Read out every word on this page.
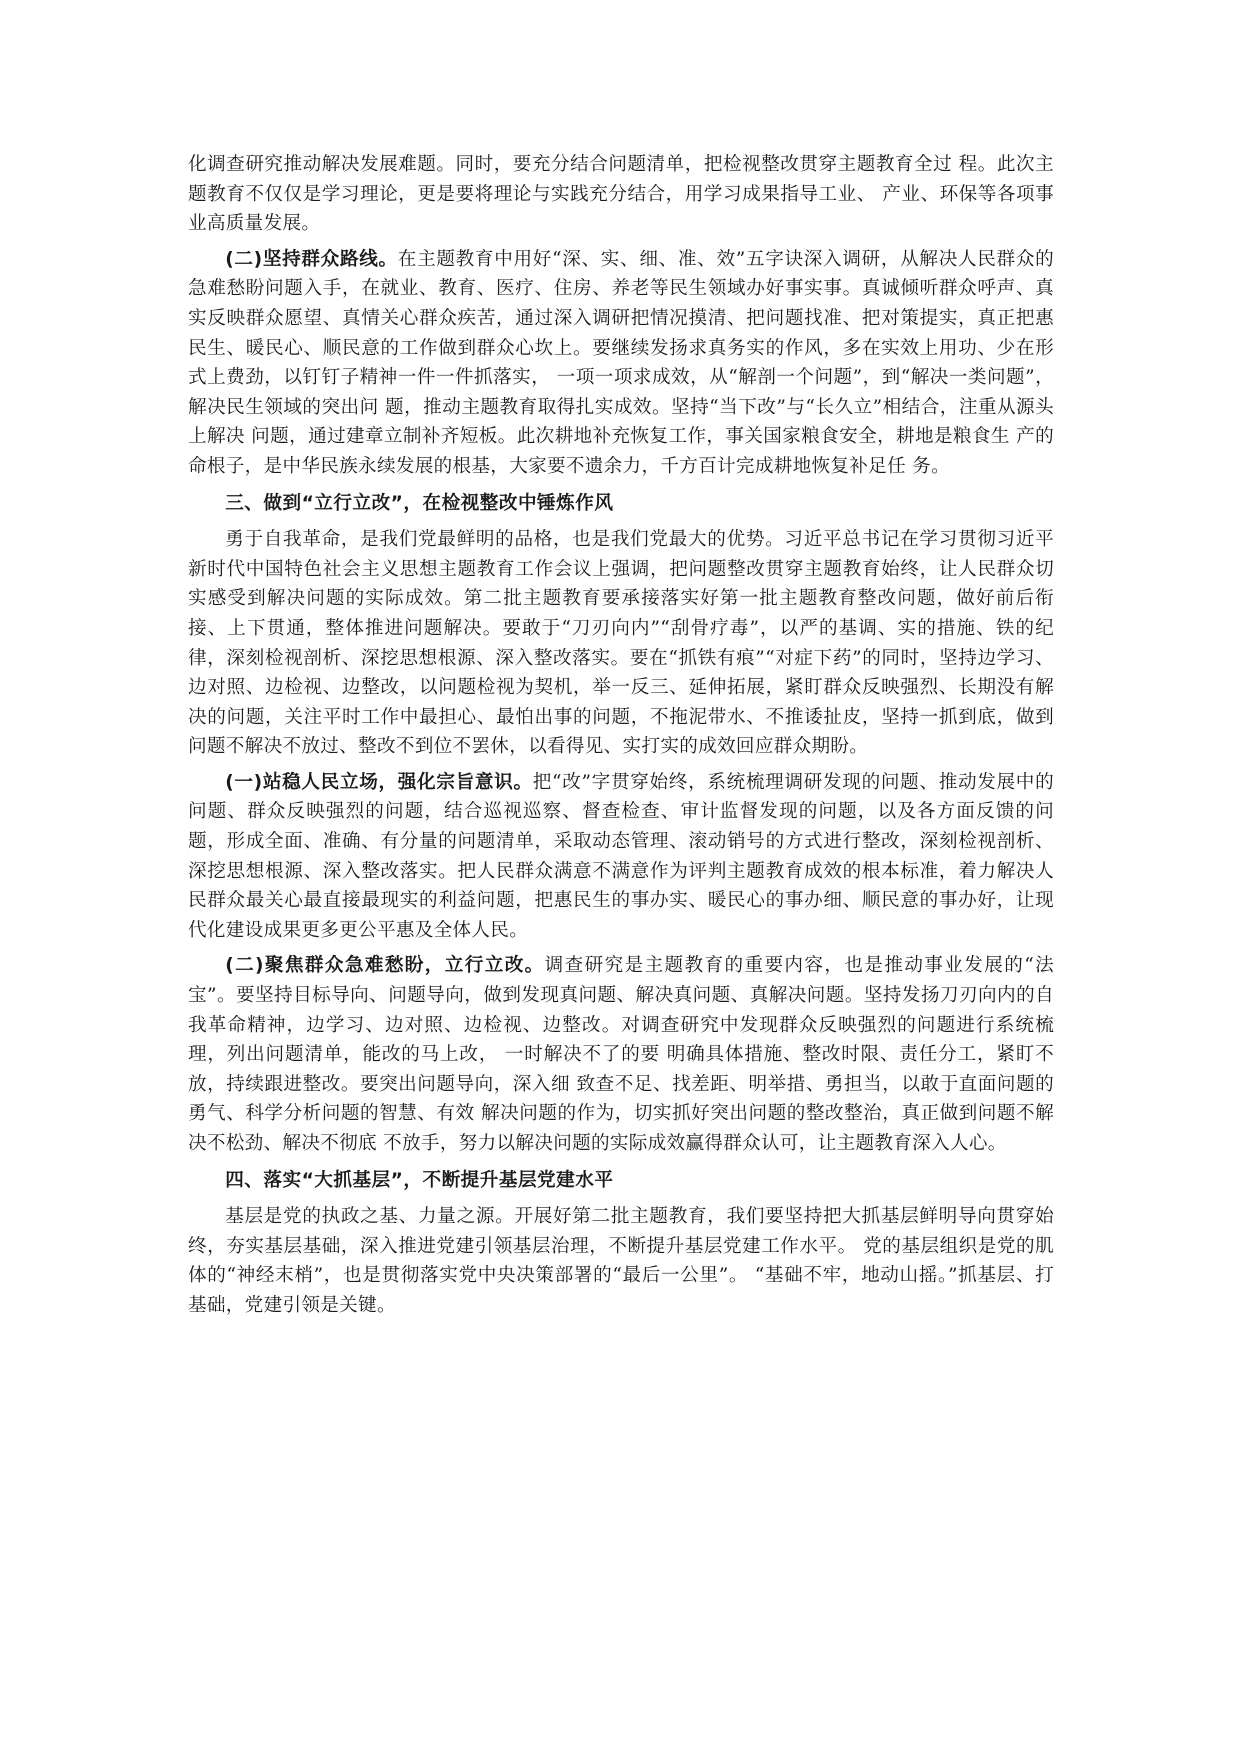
化调查研究推动解决发展难题。同时，要充分结合问题清单，把检视整改贯穿主题教育全过 程。此次主题教育不仅仅是学习理论，更是要将理论与实践充分结合，用学习成果指导工业、 产业、环保等各项事业高质量发展。

(二)坚持群众路线。在主题教育中用好“深、实、细、准、效”五字诀深入调研，从解决人民群众的急难愁盼问题入手，在就业、教育、医疗、住房、养老等民生领域办好事实事。真诚倾听群众呼声、真实反映群众愿望、真情关心群众疾苦，通过深入调研把情况摸清、把问题找准、把对策提实，真正把惠民生、暖民心、顺民意的工作做到群众心坎上。要继续发扬求真务实的作风，多在实效上用功、少在形式上费劲，以钉钉子精神一件一件抓落实， 一项一项求成效，从“解剖一个问题”，到“解决一类问题”，解决民生领域的突出问 题，推动主题教育取得扎实成效。坚持“当下改”与“长久立”相结合，注重从源头上解决 问题，通过建章立制补齐短板。此次耕地补充恢复工作，事关国家粮食安全，耕地是粮食生 产的命根子，是中华民族永续发展的根基，大家要不遗余力，千方百计完成耕地恢复补足任 务。

三、做到“立行立改”，在检视整改中锤炼作风

勇于自我革命，是我们党最鲜明的品格，也是我们党最大的优势。习近平总书记在学习贯彻习近平新时代中国特色社会主义思想主题教育工作会议上强调，把问题整改贯穿主题教育始终，让人民群众切实感受到解决问题的实际成效。第二批主题教育要承接落实好第一批主题教育整改问题，做好前后衔接、上下贯通，整体推进问题解决。要敢于“刀刃向内”“刮骨疗毒”，以严的基调、实的措施、铁的纪律，深刻检视剖析、深挖思想根源、深入整改落实。要在“抓铁有痕”“对症下药”的同时，坚持边学习、边对照、边检视、边整改，以问题检视为契机，举一反三、延伸拓展，紧盯群众反映强烈、长期没有解决的问题，关注平时工作中最担心、最怕出事的问题，不拖泥带水、不推诿扯皮，坚持一抓到底，做到问题不解决不放过、整改不到位不罢休，以看得见、实打实的成效回应群众期盼。

(一)站稳人民立场，强化宗旨意识。把“改”字贯穿始终，系统梳理调研发现的问题、推动发展中的问题、群众反映强烈的问题，结合巡视巡察、督查检查、审计监督发现的问题，以及各方面反馈的问题，形成全面、准确、有分量的问题清单，采取动态管理、滚动销号的方式进行整改，深刻检视剖析、深挖思想根源、深入整改落实。把人民群众满意不满意作为评判主题教育成效的根本标准，着力解决人民群众最关心最直接最现实的利益问题，把惠民生的事办实、暖民心的事办细、顺民意的事办好，让现代化建设成果更多更公平惠及全体人民。

(二)聚焦群众急难愁盼，立行立改。调查研究是主题教育的重要内容，也是推动事业发展的“法宝”。要坚持目标导向、问题导向，做到发现真问题、解决真问题、真解决问题。坚持发扬刀刃向内的自我革命精神，边学习、边对照、边检视、边整改。对调查研究中发现群众反映强烈的问题进行系统梳理，列出问题清单，能改的马上改， 一时解决不了的要 明确具体措施、整改时限、责任分工，紧盯不放，持续跟进整改。要突出问题导向，深入细 致查不足、找差距、明举措、勇担当，以敢于直面问题的勇气、科学分析问题的智慧、有效 解决问题的作为，切实抓好突出问题的整改整治，真正做到问题不解决不松劲、解决不彻底 不放手，努力以解决问题的实际成效赢得群众认可，让主题教育深入人心。

四、落实“大抓基层”，不断提升基层党建水平

基层是党的执政之基、力量之源。开展好第二批主题教育，我们要坚持把大抓基层鲜明导向贯穿始终，夯实基层基础，深入推进党建引领基层治理，不断提升基层党建工作水平。 党的基层组织是党的肌体的“神经末梢”，也是贯彻落实党中央决策部署的“最后一公里”。 “基础不牢，地动山摇。”抓基层、打基础，党建引领是关键。
